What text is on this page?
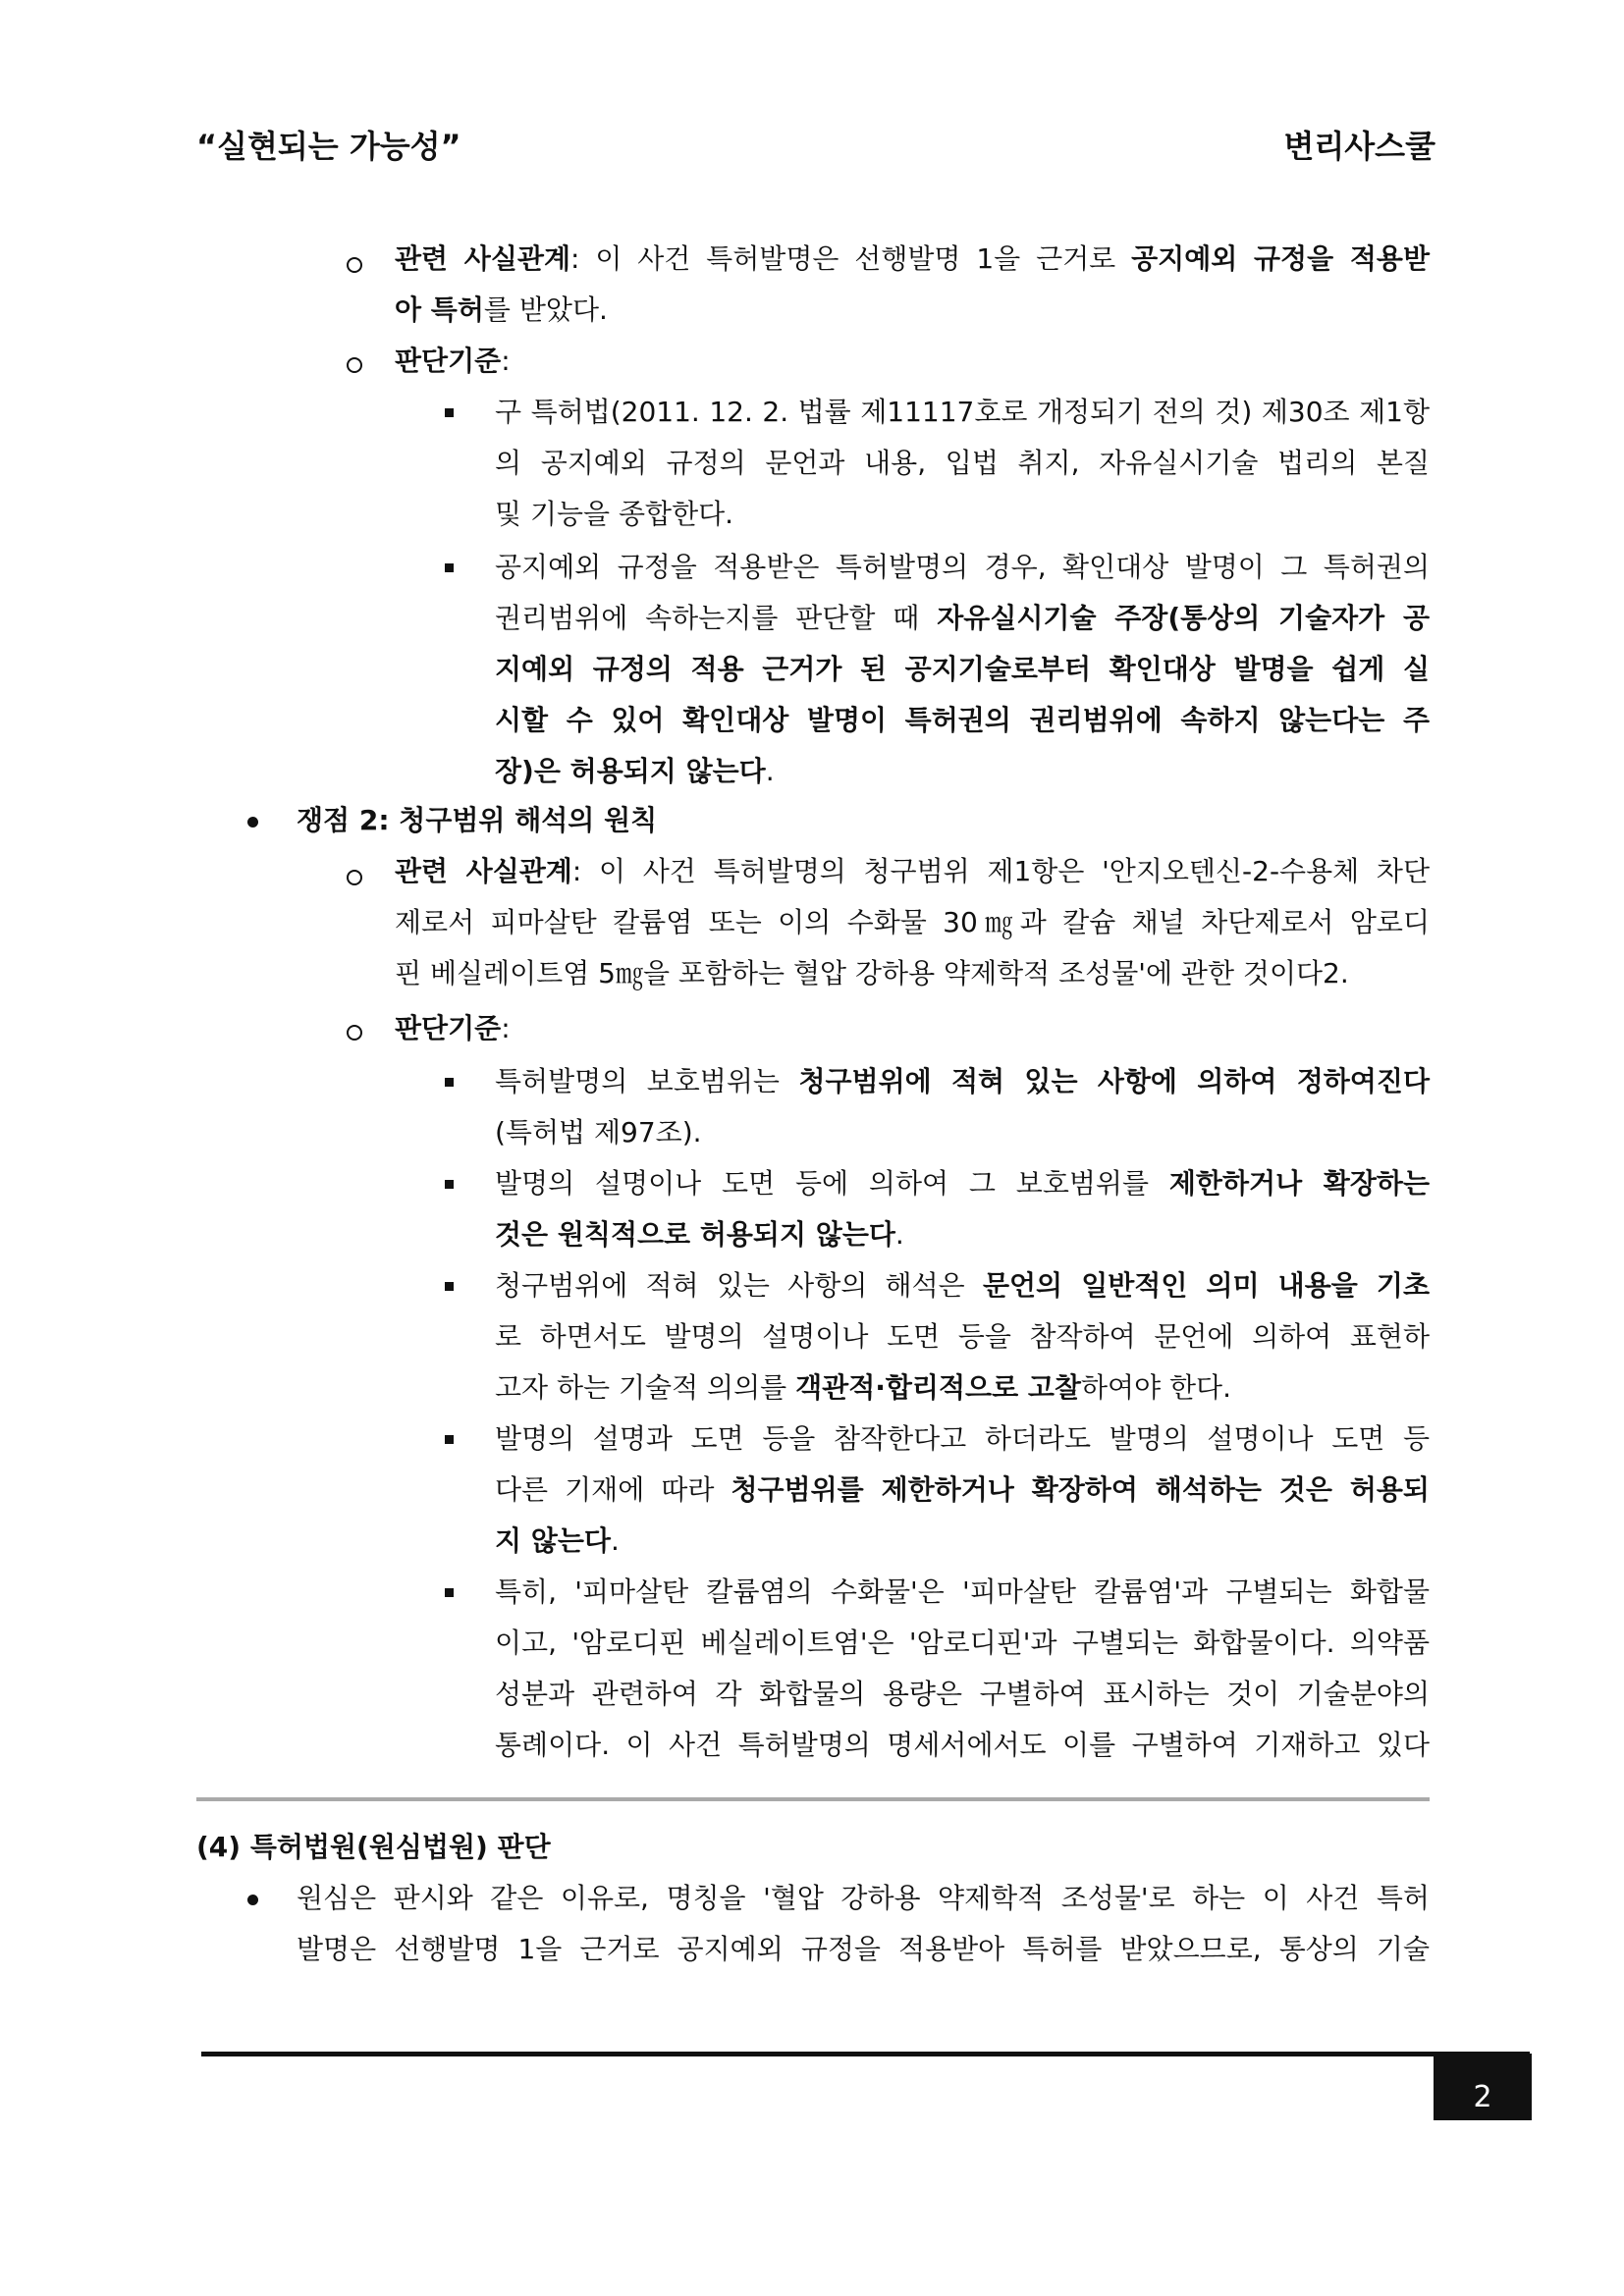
“실현되는 가능성”	변리사스쿨
관련 사실관계: 이 사건 특허발명은 선행발명 1을 근거로 공지예외 규정을 적용받
아 특허를 받았다.
판단기준:
구 특허법(2011. 12. 2. 법률 제11117호로 개정되기 전의 것) 제30조 제1항
의 공지예외 규정의 문언과 내용, 입법 취지, 자유실시기술 법리의 본질
및 기능을 종합한다.
공지예외 규정을 적용받은 특허발명의 경우, 확인대상 발명이 그 특허권의
권리범위에 속하는지를 판단할 때 자유실시기술 주장(통상의 기술자가 공
지예외 규정의 적용 근거가 된 공지기술로부터 확인대상 발명을 쉽게 실
시할 수 있어 확인대상 발명이 특허권의 권리범위에 속하지 않는다는 주
장)은 허용되지 않는다.
쟁점 2: 청구범위 해석의 원칙
관련 사실관계: 이 사건 특허발명의 청구범위 제1항은 '안지오텐신-2-수용체 차단
제로서 피마살탄 칼륨염 또는 이의 수화물 30㎎과 칼슘 채널 차단제로서 암로디
핀 베실레이트염 5㎎을 포함하는 혈압 강하용 약제학적 조성물'에 관한 것이다2.
판단기준:
특허발명의 보호범위는 청구범위에 적혀 있는 사항에 의하여 정하여진다
(특허법 제97조).
발명의 설명이나 도면 등에 의하여 그 보호범위를 제한하거나 확장하는
것은 원칙적으로 허용되지 않는다.
청구범위에 적혀 있는 사항의 해석은 문언의 일반적인 의미 내용을 기초
로 하면서도 발명의 설명이나 도면 등을 참작하여 문언에 의하여 표현하
고자 하는 기술적 의의를 객관적·합리적으로 고찰하여야 한다.
발명의 설명과 도면 등을 참작한다고 하더라도 발명의 설명이나 도면 등
다른 기재에 따라 청구범위를 제한하거나 확장하여 해석하는 것은 허용되
지 않는다.
특히, '피마살탄 칼륨염의 수화물'은 '피마살탄 칼륨염'과 구별되는 화합물
이고, '암로디핀 베실레이트염'은 '암로디핀'과 구별되는 화합물이다. 의약품
성분과 관련하여 각 화합물의 용량은 구별하여 표시하는 것이 기술분야의
통례이다. 이 사건 특허발명의 명세서에서도 이를 구별하여 기재하고 있다
(4) 특허법원(원심법원) 판단
원심은 판시와 같은 이유로, 명칭을 '혈압 강하용 약제학적 조성물'로 하는 이 사건 특허
발명은 선행발명 1을 근거로 공지예외 규정을 적용받아 특허를 받았으므로, 통상의 기술
2
